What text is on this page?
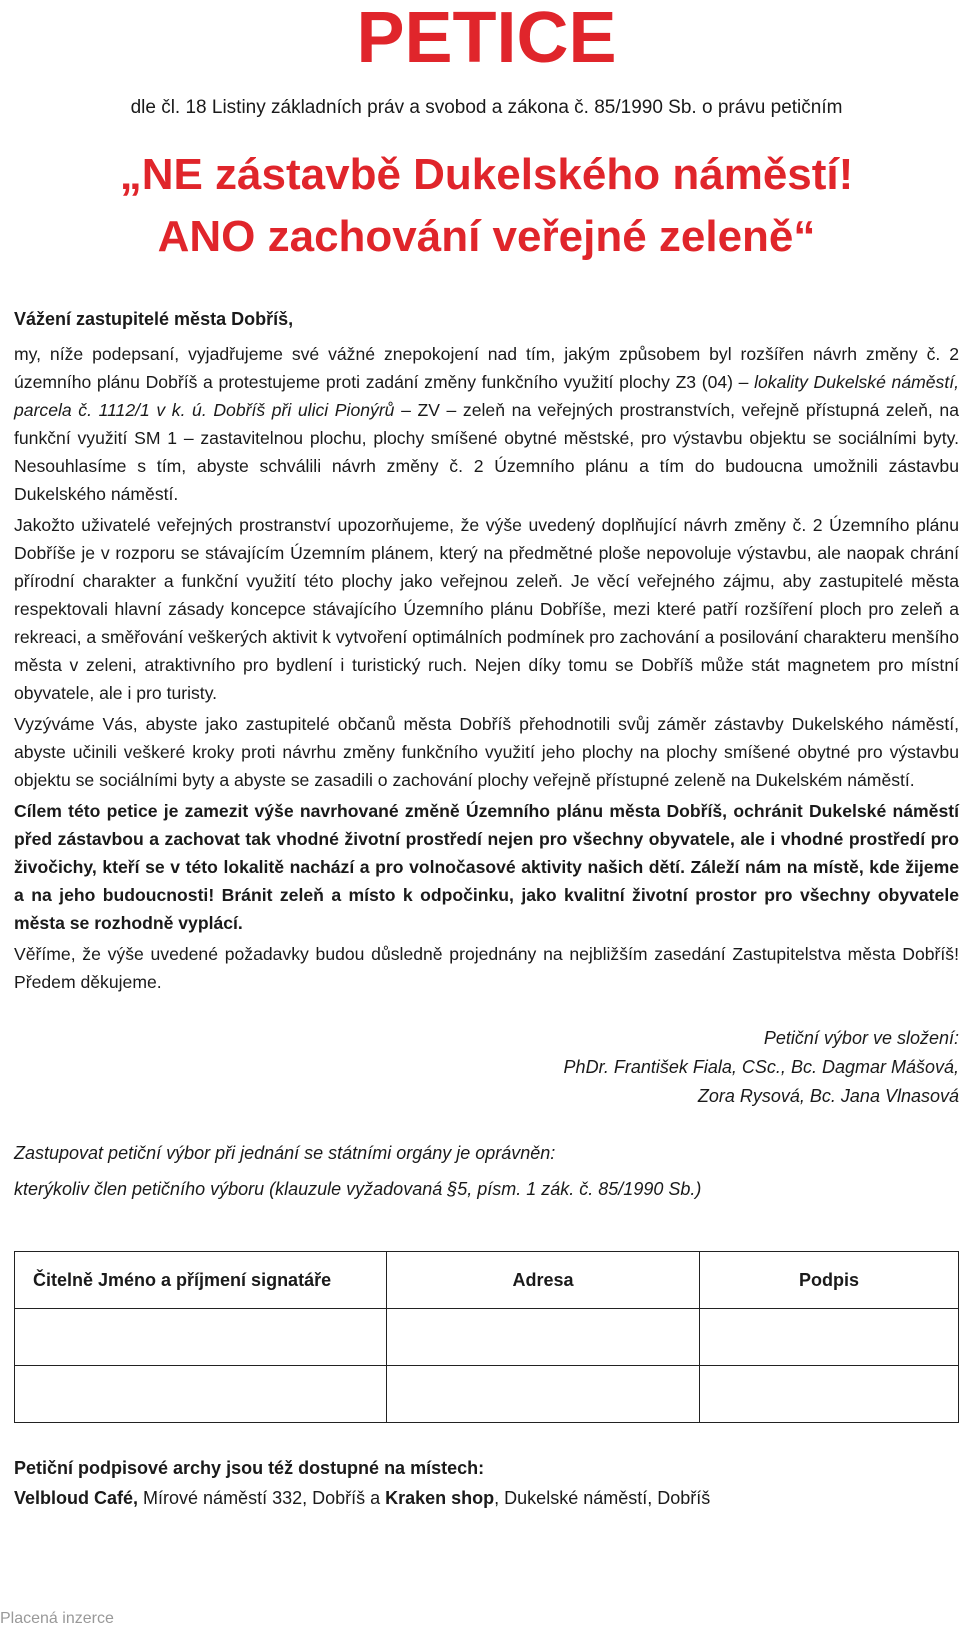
PETICE
dle čl. 18 Listiny základních práv a svobod a zákona č. 85/1990 Sb. o právu petičním
„NE zástavbě Dukelského náměstí!
ANO zachování veřejné zeleně“
Vážení zastupitelé města Dobříš,

my, níže podepsaní, vyjadřujeme své vážné znepokojení nad tím, jakým způsobem byl rozšířen návrh změny č. 2 územního plánu Dobříš a protestujeme proti zadání změny funkčního využití plochy Z3 (04) – lokality Dukelské náměstí, parcela č. 1112/1 v k. ú. Dobříš při ulici Pionýrů – ZV – zeleň na veřejných prostranstvích, veřejně přístupná zeleň, na funkční využití SM 1 – zastavitelnou plochu, plochy smíšené obytné městské, pro výstavbu objektu se sociálními byty. Nesouhlasíme s tím, abyste schválili návrh změny č. 2 Územního plánu a tím do budoucna umožnili zástavbu Dukelského náměstí.

Jakožto uživatelé veřejných prostranství upozorňujeme, že výše uvedený doplňující návrh změny č. 2 Územního plánu Dobříše je v rozporu se stávajícím Územním plánem, který na předmětné ploše nepovoluje výstavbu, ale naopak chrání přírodní charakter a funkční využití této plochy jako veřejnou zeleň. Je věcí veřejného zájmu, aby zastupitelé města respektovali hlavní zásady koncepce stávajícího Územního plánu Dobříše, mezi které patří rozšíření ploch pro zeleň a rekreaci, a směřování veškerých aktivit k vytvoření optimálních podmínek pro zachování a posilování charakteru menšího města v zeleni, atraktivního pro bydlení i turistický ruch. Nejen díky tomu se Dobříš může stát magnetem pro místní obyvatele, ale i pro turisty.

Vyzýváme Vás, abyste jako zastupitelé občanů města Dobříš přehodnotili svůj záměr zástavby Dukelského náměstí, abyste učinili veškeré kroky proti návrhu změny funkčního využití jeho plochy na plochy smíšené obytné pro výstavbu objektu se sociálními byty a abyste se zasadili o zachování plochy veřejně přístupné zeleně na Dukelském náměstí.

Cílem této petice je zamezit výše navrhované změně Územního plánu města Dobříš, ochránit Dukelské náměstí před zástavbou a zachovat tak vhodné životní prostředí nejen pro všechny obyvatele, ale i vhodné prostředí pro živočichy, kteří se v této lokalitě nachází a pro volnočasové aktivity našich dětí. Záleží nám na místě, kde žijeme a na jeho budoucnosti! Bránit zeleň a místo k odpočinku, jako kvalitní životní prostor pro všechny obyvatele města se rozhodně vyplácí.

Věříme, že výše uvedené požadavky budou důsledně projednány na nejbližším zasedání Zastupitelstva města Dobříš! Předem děkujeme.

Petiční výbor ve složení:
PhDr. František Fiala, CSc., Bc. Dagmar Mášová,
Zora Rysová, Bc. Jana Vlnasová
Zastupovat petiční výbor při jednání se státními orgány je oprávněn:
kterýkoliv člen petičního výboru (klauzule vyžadovaná §5, písm. 1 zák. č. 85/1990 Sb.)
Čitelně Jméno a příjmení signatáře	Adresa	Podpis

Petiční podpisové archy jsou též dostupné na místech:
Velbloud Café, Mírové náměstí 332, Dobříš a Kraken shop, Dukelské náměstí, Dobříš
Placená inzerce
